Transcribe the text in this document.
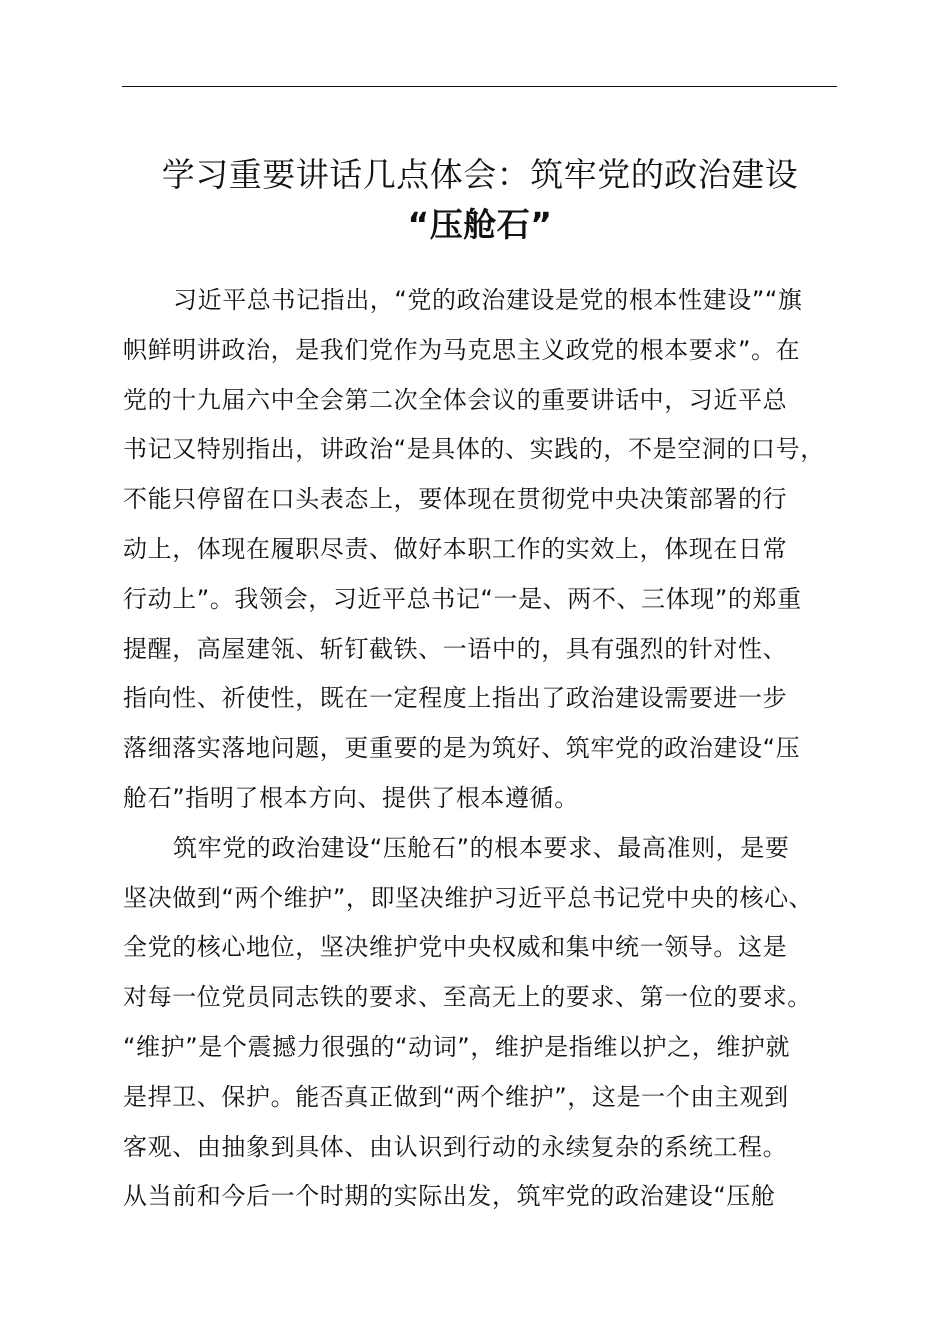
学习重要讲话几点体会：筑牢党的政治建设
“压舱石”
习近平总书记指出，“党的政治建设是党的根本性建设”“旗
帜鲜明讲政治，是我们党作为马克思主义政党的根本要求”。在
党的十九届六中全会第二次全体会议的重要讲话中，习近平总
书记又特别指出，讲政治“是具体的、实践的，不是空洞的口号，
不能只停留在口头表态上，要体现在贯彻党中央决策部署的行
动上，体现在履职尽责、做好本职工作的实效上，体现在日常
行动上”。我领会，习近平总书记“一是、两不、三体现”的郑重
提醒，高屋建瓴、斩钉截铁、一语中的，具有强烈的针对性、
指向性、祈使性，既在一定程度上指出了政治建设需要进一步
落细落实落地问题，更重要的是为筑好、筑牢党的政治建设“压
舱石”指明了根本方向、提供了根本遵循。
筑牢党的政治建设“压舱石”的根本要求、最高准则，是要
坚决做到“两个维护”，即坚决维护习近平总书记党中央的核心、
全党的核心地位，坚决维护党中央权威和集中统一领导。这是
对每一位党员同志铁的要求、至高无上的要求、第一位的要求。
“维护”是个震撼力很强的“动词”，维护是指维以护之，维护就
是捍卫、保护。能否真正做到“两个维护”，这是一个由主观到
客观、由抽象到具体、由认识到行动的永续复杂的系统工程。
从当前和今后一个时期的实际出发，筑牢党的政治建设“压舱
